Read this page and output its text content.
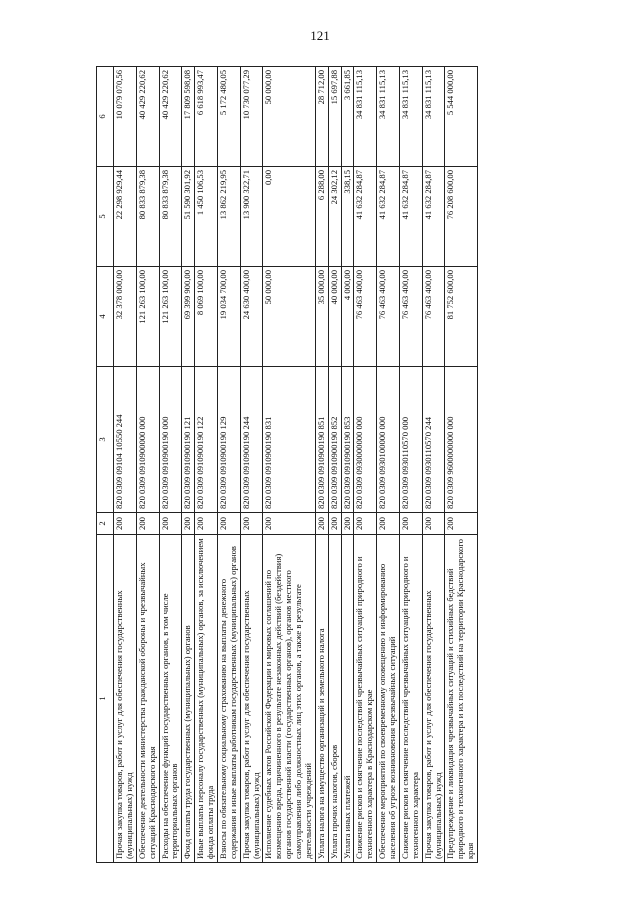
121
1	2	3	4	5	6
Прочая закупка товаров, работ и услуг для обеспечения государственных (муниципальных) нужд	200	820 0309 09104 10550 244	32 378 000,00	22 298 929,44	10 079 070,56
Обеспечение деятельности министерства гражданской обороны и чрезвычайных ситуаций Краснодарского края	200	820 0309 0910900000 000	121 263 100,00	80 833 879,38	40 429 220,62
Расходы на обеспечение функций государственных органов, в том числе территориальных органов	200	820 0309 0910900190 000	121 263 100,00	80 833 879,38	40 429 220,62
Фонд оплаты труда государственных (муниципальных) органов	200	820 0309 0910900190 121	69 399 900,00	51 590 301,92	17 809 598,08
Иные выплаты персоналу государственных (муниципальных) органов, за исключением фонда оплаты труда	200	820 0309 0910900190 122	8 069 100,00	1 450 106,53	6 618 993,47
Взносы по обязательному социальному страхованию на выплаты денежного содержания и иные выплаты работникам государственных (муниципальных) органов	200	820 0309 0910900190 129	19 034 700,00	13 862 219,95	5 172 480,05
Прочая закупка товаров, работ и услуг для обеспечения государственных (муниципальных) нужд	200	820 0309 0910900190 244	24 630 400,00	13 900 322,71	10 730 077,29
Исполнение судебных актов Российской Федерации и мировых соглашений по возмещению вреда, причиненного в результате незаконных действий (бездействия) органов государственной власти (государственных органов), органов местного самоуправления либо должностных лиц этих органов, а также в результате деятельности учреждений	200	820 0309 0910900190 831	50 000,00	0,00	50 000,00
Уплата налога на имущество организаций и земельного налога	200	820 0309 0910900190 851	35 000,00	6 288,00	28 712,00
Уплата прочих налогов, сборов	200	820 0309 0910900190 852	40 000,00	24 302,12	15 697,88
Уплата иных платежей	200	820 0309 0910900190 853	4 000,00	338,15	3 661,85
Снижение рисков и смягчение последствий чрезвычайных ситуаций природного и техногенного характера в Краснодарском крае	200	820 0309 0930000000 000	76 463 400,00	41 632 284,87	34 831 115,13
Обеспечение мероприятий по своевременному оповещению и информированию населения об угрозе возникновения чрезвычайных ситуаций	200	820 0309 0930100000 000	76 463 400,00	41 632 284,87	34 831 115,13
Снижение рисков и смягчение последствий чрезвычайных ситуаций природного и техногенного характера	200	820 0309 0930110570 000	76 463 400,00	41 632 284,87	34 831 115,13
Прочая закупка товаров, работ и услуг для обеспечения государственных (муниципальных) нужд	200	820 0309 0930110570 244	76 463 400,00	41 632 284,87	34 831 115,13
Предупреждение и ликвидация чрезвычайных ситуаций и стихийных бедствий природного и техногенного характера и их последствий на территории Краснодарского края	200	820 0309 9600000000 000	81 752 600,00	76 208 600,00	5 544 000,00
